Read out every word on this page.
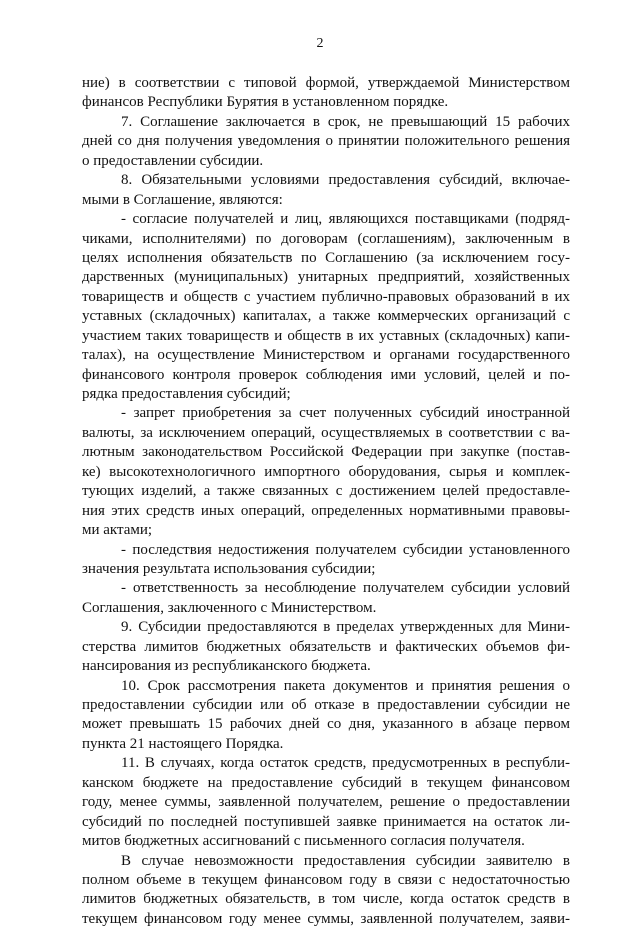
2
ние) в соответствии с типовой формой, утверждаемой Министерством
финансов Республики Бурятия в установленном порядке.
7. Соглашение заключается в срок, не превышающий 15 рабочих
дней со дня получения уведомления о принятии положительного решения
о предоставлении субсидии.
8. Обязательными условиями предоставления субсидий, включае-
мыми в Соглашение, являются:
- согласие получателей и лиц, являющихся поставщиками (подряд-
чиками, исполнителями) по договорам (соглашениям), заключенным в
целях исполнения обязательств по Соглашению (за исключением госу-
дарственных (муниципальных) унитарных предприятий, хозяйственных
товариществ и обществ с участием публично-правовых образований в их
уставных (складочных) капиталах, а также коммерческих организаций с
участием таких товариществ и обществ в их уставных (складочных) капи-
талах), на осуществление Министерством и органами государственного
финансового контроля проверок соблюдения ими условий, целей и по-
рядка предоставления субсидий;
- запрет приобретения за счет полученных субсидий иностранной
валюты, за исключением операций, осуществляемых в соответствии с ва-
лютным законодательством Российской Федерации при закупке (постав-
ке) высокотехнологичного импортного оборудования, сырья и комплек-
тующих изделий, а также связанных с достижением целей предоставле-
ния этих средств иных операций, определенных нормативными правовы-
ми актами;
- последствия недостижения получателем субсидии установленного
значения результата использования субсидии;
- ответственность за несоблюдение получателем субсидии условий
Соглашения, заключенного с Министерством.
9. Субсидии предоставляются в пределах утвержденных для Мини-
стерства лимитов бюджетных обязательств и фактических объемов фи-
нансирования из республиканского бюджета.
10. Срок рассмотрения пакета документов и принятия решения о
предоставлении субсидии или об отказе в предоставлении субсидии не
может превышать 15 рабочих дней со дня, указанного в абзаце первом
пункта 21 настоящего Порядка.
11. В случаях, когда остаток средств, предусмотренных в республи-
канском бюджете на предоставление субсидий в текущем финансовом
году, менее суммы, заявленной получателем, решение о предоставлении
субсидий по последней поступившей заявке принимается на остаток ли-
митов бюджетных ассигнований с письменного согласия получателя.
В случае невозможности предоставления субсидии заявителю в
полном объеме в текущем финансовом году в связи с недостаточностью
лимитов бюджетных обязательств, в том числе, когда остаток средств в
текущем финансовом году менее суммы, заявленной получателем, заяви-
